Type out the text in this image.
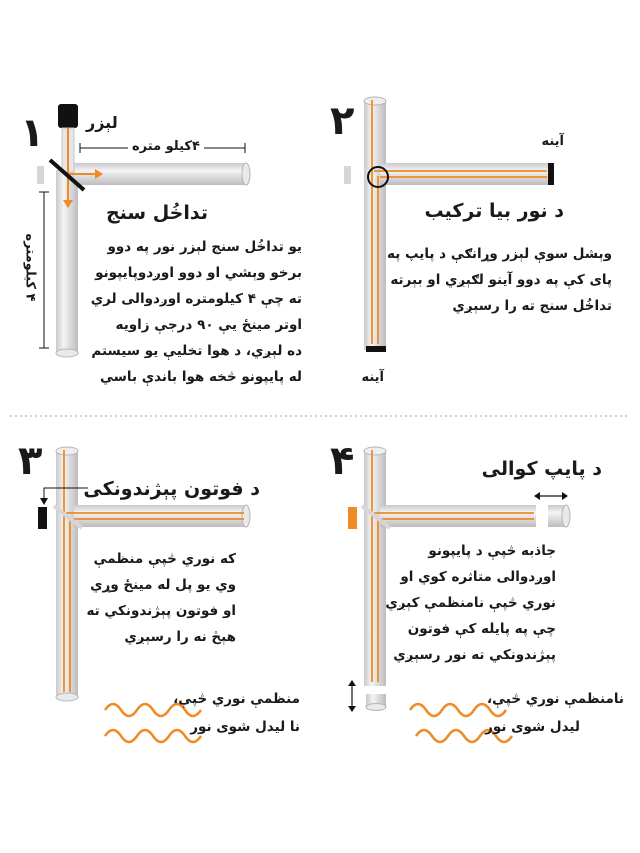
١	لېزر
۴کیلو متره
۴ کیلومتره
تداخُل سنج
یو تداخُل سنج لېزر نور په دوو
برخو وېشي او دوو اوږدوپایپونو
ته چې ۴ کیلومتره اوږدوالی لري
اوتر مینځ یې ۹۰ درجې زاویه
ده لېږي، د هوا تخلیې یو سیستم
له پایپونو څخه هوا باندې باسي
٢	آینه
آینه
د نور بیا ترکیب
وېشل سوې لېزر وړانګې د پایپ په
پای کې په دوو آینو لګېږي او بېرته
تداخُل سنج ته را رسېږي
٣
د فوتون پېژندونکی
که نوري څپې منظمې
وي یو پل له مینځ وړي
او فوتون پېژندونکي ته
هېڅ نه را رسېږي
منظمې نوري څپې،
نا لیدل شوی نور
۴	د پایپ کوالی
جاذبه څپې د پایپونو
اوږدوالی متاثره کوي او
نوري څپې نامنظمې کېږي
چې په پایله کې فوتون
پېژندونکي ته نور رسېږي
نامنظمې نوري څپې،
لیدل شوی نور
